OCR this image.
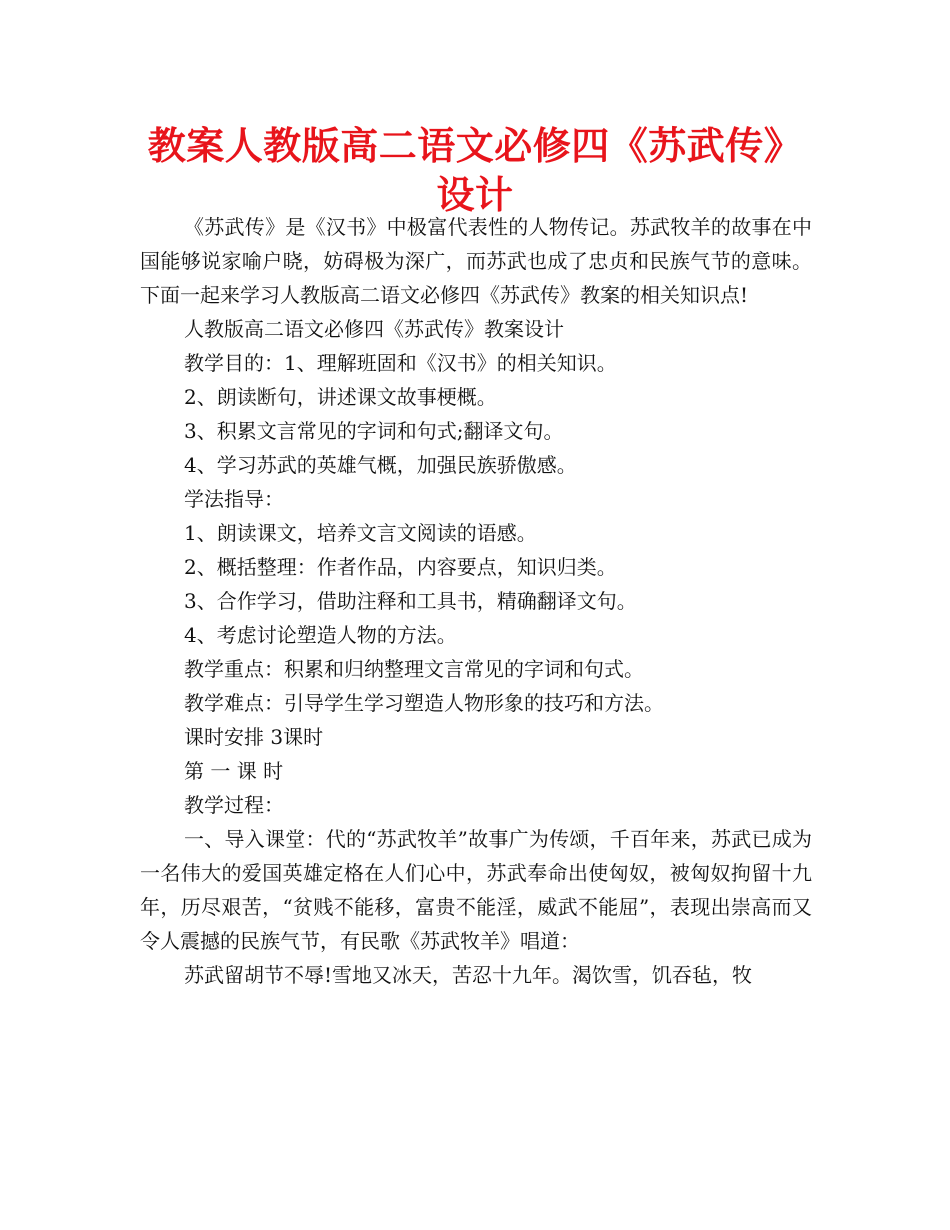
教案人教版高二语文必修四《苏武传》设计

《苏武传》是《汉书》中极富代表性的人物传记。苏武牧羊的故事在中国能够说家喻户晓，妨碍极为深广，而苏武也成了忠贞和民族气节的意味。下面一起来学习人教版高二语文必修四《苏武传》教案的相关知识点!

人教版高二语文必修四《苏武传》教案设计

教学目的：1、理解班固和《汉书》的相关知识。

2、朗读断句，讲述课文故事梗概。

3、积累文言常见的字词和句式;翻译文句。

4、学习苏武的英雄气概，加强民族骄傲感。

学法指导：

1、朗读课文，培养文言文阅读的语感。

2、概括整理：作者作品，内容要点，知识归类。

3、合作学习，借助注释和工具书，精确翻译文句。

4、考虑讨论塑造人物的方法。

教学重点：积累和归纳整理文言常见的字词和句式。

教学难点：引导学生学习塑造人物形象的技巧和方法。

课时安排 3课时

第 一 课 时

教学过程：

一、导入课堂：代的“苏武牧羊”故事广为传颂，千百年来，苏武已成为一名伟大的爱国英雄定格在人们心中，苏武奉命出使匈奴，被匈奴拘留十九年，历尽艰苦，“贫贱不能移，富贵不能淫，威武不能屈”，表现出崇高而又令人震撼的民族气节，有民歌《苏武牧羊》唱道：

苏武留胡节不辱!雪地又冰天，苦忍十九年。渴饮雪，饥吞毡，牧
